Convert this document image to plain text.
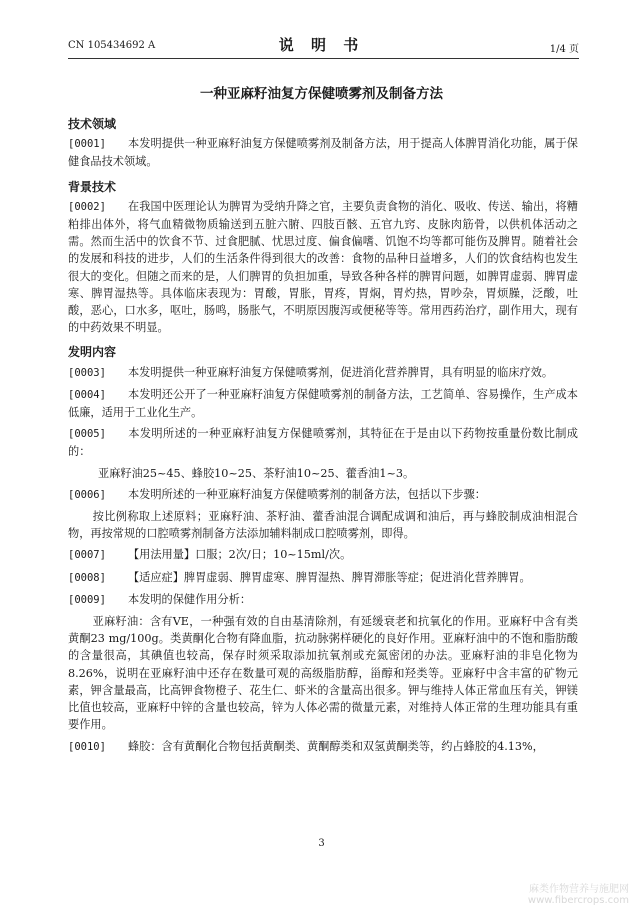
CN 105434692 A	说 明 书	1/4 页
一种亚麻籽油复方保健喷雾剂及制备方法
技术领域

[0001] 本发明提供一种亚麻籽油复方保健喷雾剂及制备方法，用于提高人体脾胃消化功能，属于保健食品技术领域。

背景技术

[0002] 在我国中医理论认为脾胃为受纳升降之官，主要负责食物的消化、吸收、传送、输出，将糟粕排出体外，将气血精微物质输送到五脏六腑、四肢百骸、五官九窍、皮脉肉筋骨，以供机体活动之需。然而生活中的饮食不节、过食肥腻、忧思过度、偏食偏嗜、饥饱不均等都可能伤及脾胃。随着社会的发展和科技的进步，人们的生活条件得到很大的改善：食物的品种日益增多，人们的饮食结构也发生很大的变化。但随之而来的是，人们脾胃的负担加重，导致各种各样的脾胃问题，如脾胃虚弱、脾胃虚寒、脾胃湿热等。具体临床表现为：胃酸，胃胀，胃疼，胃焖，胃灼热，胃吵杂，胃烦臊，泛酸，吐酸，恶心，口水多，呕吐，肠鸣，肠胀气，不明原因腹泻或便秘等等。常用西药治疗，副作用大，现有的中药效果不明显。

发明内容

[0003] 本发明提供一种亚麻籽油复方保健喷雾剂，促进消化营养脾胃，具有明显的临床疗效。

[0004] 本发明还公开了一种亚麻籽油复方保健喷雾剂的制备方法，工艺简单、容易操作，生产成本低廉，适用于工业化生产。

[0005] 本发明所述的一种亚麻籽油复方保健喷雾剂，其特征在于是由以下药物按重量份数比制成的：

亚麻籽油25~45、蜂胶10~25、茶籽油10~25、藿香油1~3。

[0006] 本发明所述的一种亚麻籽油复方保健喷雾剂的制备方法，包括以下步骤：

按比例称取上述原料；亚麻籽油、茶籽油、藿香油混合调配成调和油后，再与蜂胶制成油相混合物，再按常规的口腔喷雾剂制备方法添加辅料制成口腔喷雾剂，即得。

[0007] 【用法用量】口服；2次/日；10~15ml/次。

[0008] 【适应症】脾胃虚弱、脾胃虚寒、脾胃湿热、脾胃滞胀等症；促进消化营养脾胃。

[0009] 本发明的保健作用分析：

亚麻籽油：含有VE，一种强有效的自由基清除剂，有延缓衰老和抗氧化的作用。亚麻籽中含有类黄酮23 mg/100g。类黄酮化合物有降血脂，抗动脉粥样硬化的良好作用。亚麻籽油中的不饱和脂肪酸的含量很高，其碘值也较高，保存时须采取添加抗氧剂或充氮密闭的办法。亚麻籽油的非皂化物为8.26%，说明在亚麻籽油中还存在数量可观的高级脂肪醇，甾醇和羟类等。亚麻籽中含丰富的矿物元素，钾含量最高，比高钾食物橙子、花生仁、虾米的含量高出很多。钾与维持人体正常血压有关，钾镁比值也较高，亚麻籽中锌的含量也较高，锌为人体必需的微量元素，对维持人体正常的生理功能具有重要作用。

[0010] 蜂胶：含有黄酮化合物包括黄酮类、黄酮醇类和双氢黄酮类等，约占蜂胶的4.13%，

3
麻类作物营养与施肥网
www.fibercrops.com
